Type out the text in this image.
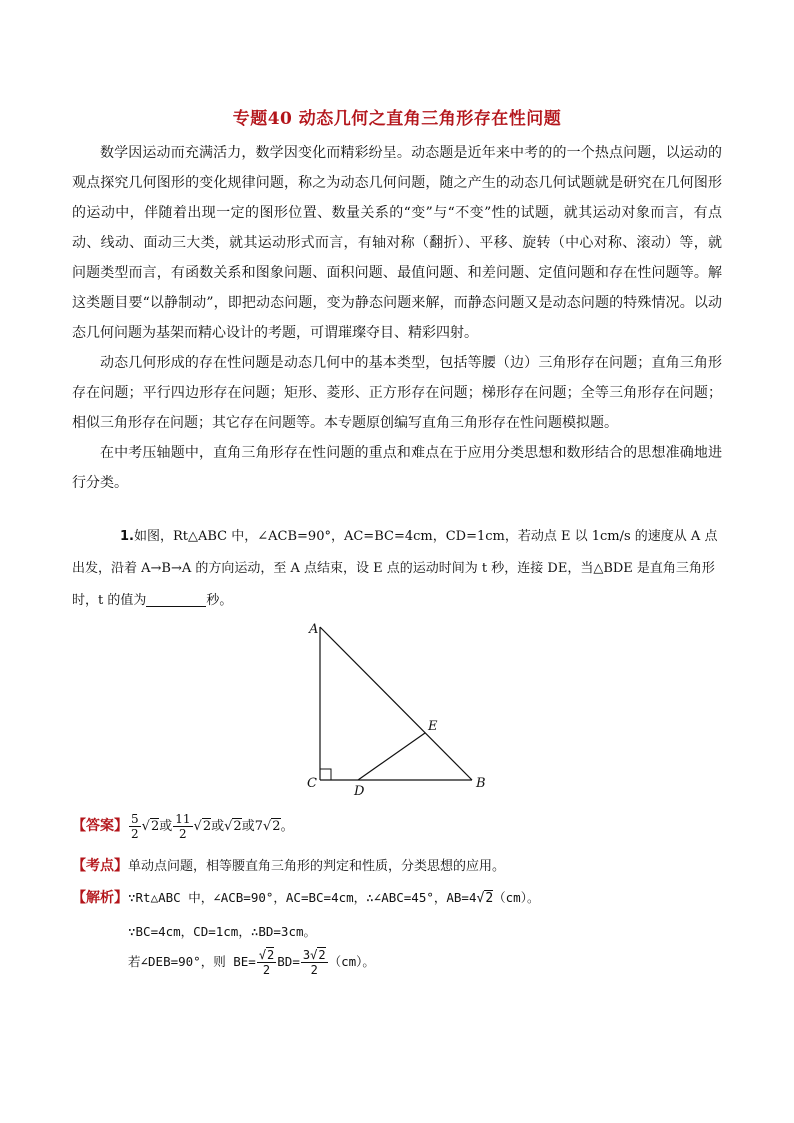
专题40 动态几何之直角三角形存在性问题

数学因运动而充满活力，数学因变化而精彩纷呈。动态题是近年来中考的的一个热点问题，以运动的观点探究几何图形的变化规律问题，称之为动态几何问题，随之产生的动态几何试题就是研究在几何图形的运动中，伴随着出现一定的图形位置、数量关系的“变”与“不变”性的试题，就其运动对象而言，有点动、线动、面动三大类，就其运动形式而言，有轴对称（翻折）、平移、旋转（中心对称、滚动）等，就问题类型而言，有函数关系和图象问题、面积问题、最值问题、和差问题、定值问题和存在性问题等。解这类题目要“以静制动”，即把动态问题，变为静态问题来解，而静态问题又是动态问题的特殊情况。以动态几何问题为基架而精心设计的考题，可谓璀璨夺目、精彩四射。

动态几何形成的存在性问题是动态几何中的基本类型，包括等腰（边）三角形存在问题；直角三角形存在问题；平行四边形存在问题；矩形、菱形、正方形存在问题；梯形存在问题；全等三角形存在问题；相似三角形存在问题；其它存在问题等。本专题原创编写直角三角形存在性问题模拟题。

在中考压轴题中，直角三角形存在性问题的重点和难点在于应用分类思想和数形结合的思想准确地进行分类。

1.如图，Rt△ABC 中，∠ACB=90°，AC=BC=4cm，CD=1cm，若动点 E 以 1cm/s 的速度从 A 点出发，沿着 A→B→A 的方向运动，至 A 点结束，设 E 点的运动时间为 t 秒，连接 DE，当△BDE 是直角三角形时，t 的值为	秒。
A
B
C
D
E
【答案】 $\frac{5}{2} √2$或 $\frac{11}{2} √2$或√2或7√2。
【考点】单动点问题，相等腰直角三角形的判定和性质，分类思想的应用。
【解析】∵Rt△ABC 中，∠ACB=90°，AC=BC=4cm，∴∠ABC=45°，AB=4√2（cm）。
∵BC=4cm，CD=1cm，∴BD=3cm。
若∠DEB=90°，则 $BE= \frac{√2}{2} BD= \frac{3√2}{2} (cm)$。
